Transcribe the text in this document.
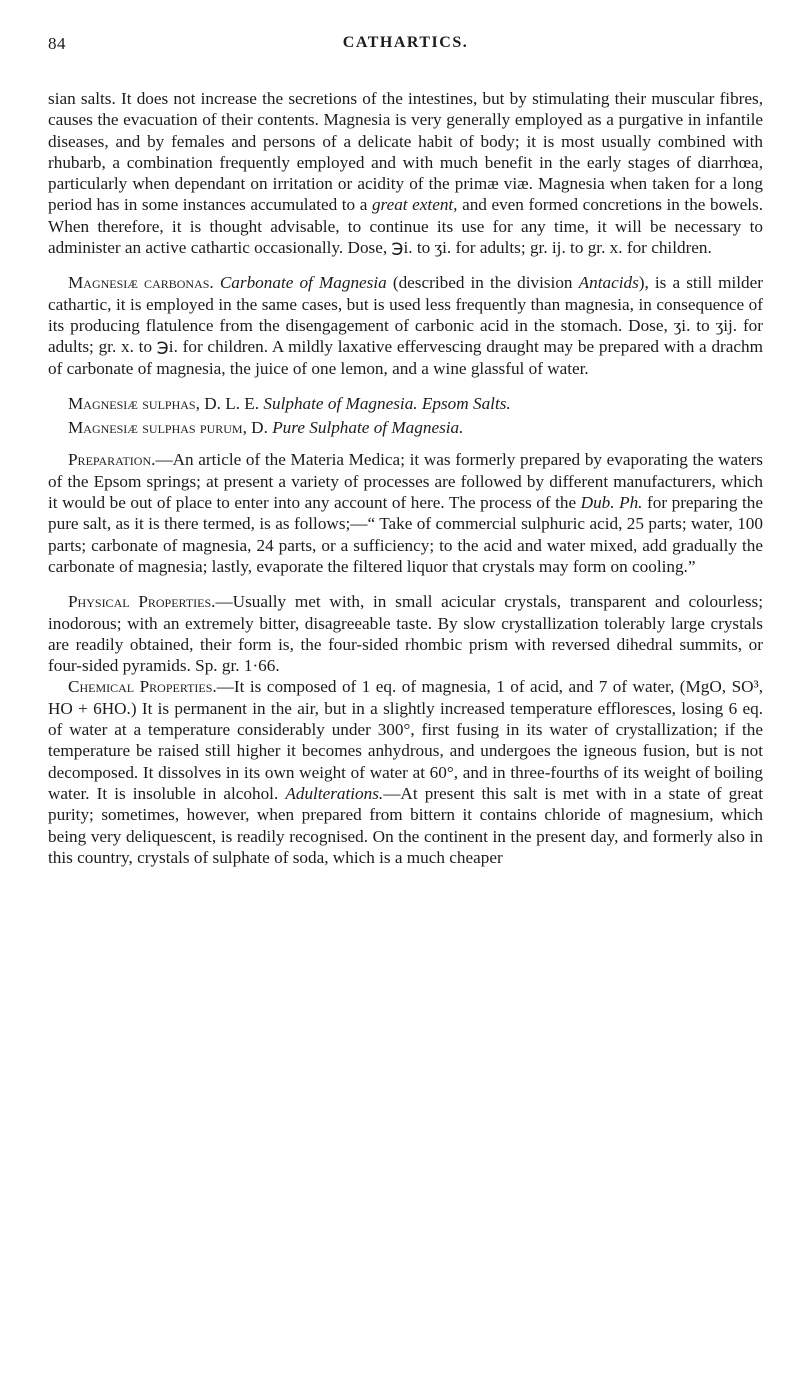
84	CATHARTICS.

sian salts. It does not increase the secretions of the intestines, but by stimulating their muscular fibres, causes the evacuation of their contents. Magnesia is very generally employed as a purgative in infantile diseases, and by females and persons of a delicate habit of body; it is most usually combined with rhubarb, a combination frequently employed and with much benefit in the early stages of diarrhœa, particularly when dependant on irritation or acidity of the primæ viæ. Magnesia when taken for a long period has in some instances accumulated to a great extent, and even formed concretions in the bowels. When therefore, it is thought advisable, to continue its use for any time, it will be necessary to administer an active cathartic occasionally. Dose, ℈i. to ʒi. for adults; gr. ij. to gr. x. for children.

Magnesiæ carbonas. Carbonate of Magnesia (described in the division Antacids), is a still milder cathartic, it is employed in the same cases, but is used less frequently than magnesia, in consequence of its producing flatulence from the disengagement of carbonic acid in the stomach. Dose, ʒi. to ʒij. for adults; gr. x. to ℈i. for children. A mildly laxative effervescing draught may be prepared with a drachm of carbonate of magnesia, the juice of one lemon, and a wine glassful of water.

Magnesiæ sulphas, D. L. E. Sulphate of Magnesia. Epsom Salts.

Magnesiæ sulphas purum, D. Pure Sulphate of Magnesia.

Preparation.—An article of the Materia Medica; it was formerly prepared by evaporating the waters of the Epsom springs; at present a variety of processes are followed by different manufacturers, which it would be out of place to enter into any account of here. The process of the Dub. Ph. for preparing the pure salt, as it is there termed, is as follows;—“ Take of commercial sulphuric acid, 25 parts; water, 100 parts; carbonate of magnesia, 24 parts, or a sufficiency; to the acid and water mixed, add gradually the carbonate of magnesia; lastly, evaporate the filtered liquor that crystals may form on cooling.”

Physical Properties.—Usually met with, in small acicular crystals, transparent and colourless; inodorous; with an extremely bitter, disagreeable taste. By slow crystallization tolerably large crystals are readily obtained, their form is, the four-sided rhombic prism with reversed dihedral summits, or four-sided pyramids. Sp. gr. 1·66.

Chemical Properties.—It is composed of 1 eq. of magnesia, 1 of acid, and 7 of water, (MgO, SO³, HO + 6HO.) It is permanent in the air, but in a slightly increased temperature effloresces, losing 6 eq. of water at a temperature considerably under 300°, first fusing in its water of crystallization; if the temperature be raised still higher it becomes anhydrous, and undergoes the igneous fusion, but is not decomposed. It dissolves in its own weight of water at 60°, and in three-fourths of its weight of boiling water. It is insoluble in alcohol. Adulterations.—At present this salt is met with in a state of great purity; sometimes, however, when prepared from bittern it contains chloride of magnesium, which being very deliquescent, is readily recognised. On the continent in the present day, and formerly also in this country, crystals of sulphate of soda, which is a much cheaper
